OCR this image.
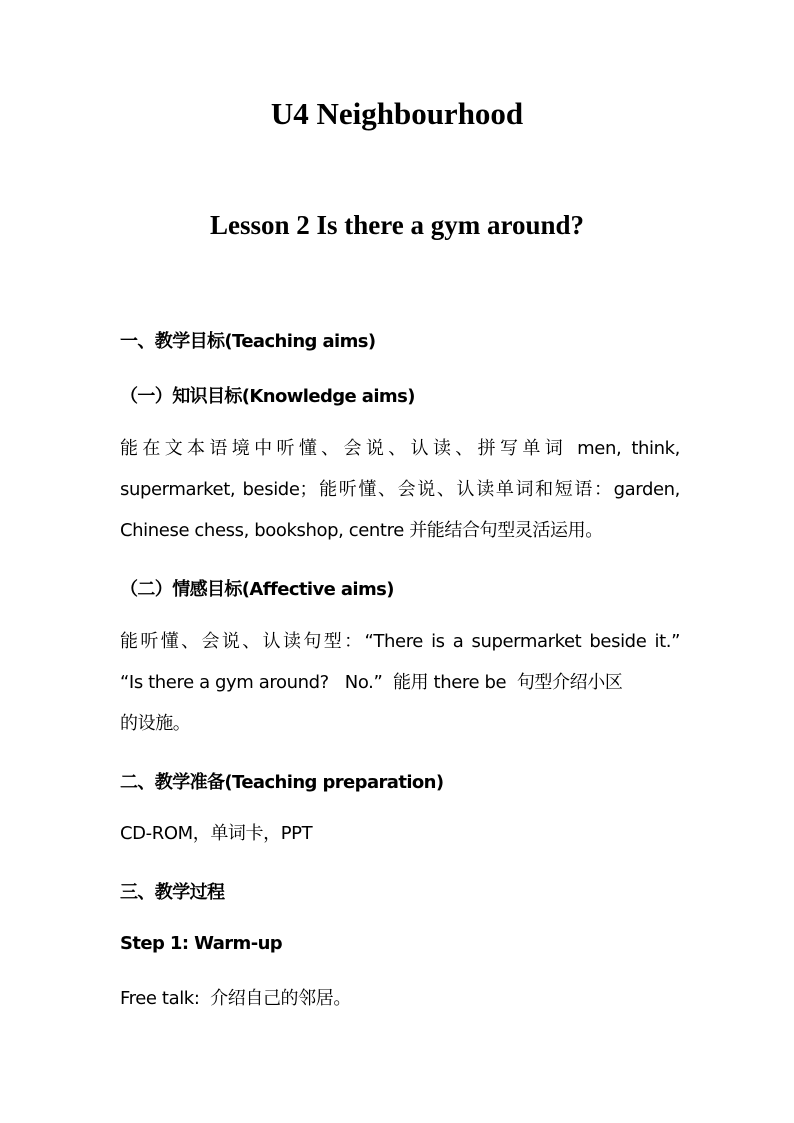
U4 Neighbourhood
Lesson 2 Is there a gym around?
一、教学目标(Teaching aims)
（一）知识目标(Knowledge aims)
能在文本语境中听懂、会说、认读、拼写单词 men, think,
supermarket, beside；能听懂、会说、认读单词和短语：garden,
Chinese chess, bookshop, centre 并能结合句型灵活运用。
（二）情感目标(Affective aims)
能听懂、会说、认读句型：“There is a supermarket beside it.”
“Is there a gym around?   No.”  能用 there be  句型介绍小区
的设施。
二、教学准备(Teaching preparation)
CD-ROM，单词卡，PPT
三、教学过程
Step 1: Warm-up
Free talk:  介绍自己的邻居。
